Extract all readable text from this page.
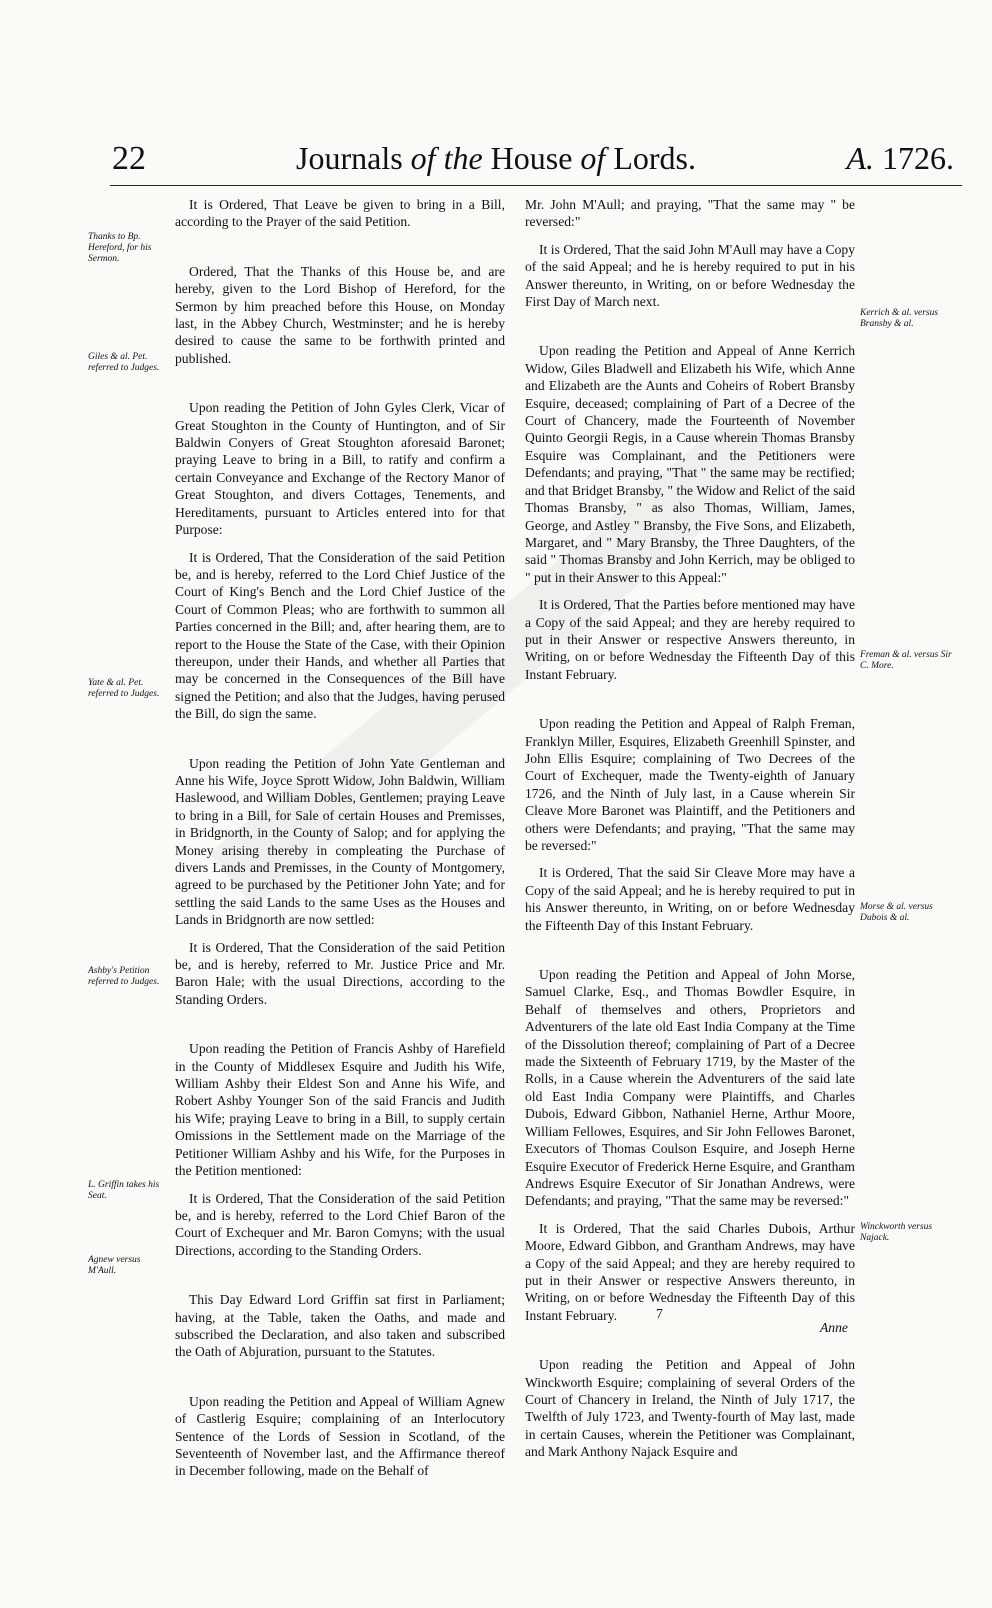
22	Journals of the House of Lords.	A. 1726.
Thanks to Bp. Hereford, for his Sermon.
Giles & al. Pet. referred to Judges.
Yate & al. Pet. referred to Judges.
Ashby's Petition referred to Judges.
L. Griffin takes his Seat.
Agnew versus M'Aull.
Kerrich & al. versus Bransby & al.
Freman & al. versus Sir C. More.
Morse & al. versus Dubois & al.
Winckworth versus Najack.

It is Ordered, That Leave be given to bring in a Bill, according to the Prayer of the said Petition.

Ordered, That the Thanks of this House be, and are hereby, given to the Lord Bishop of Hereford, for the Sermon by him preached before this House, on Monday last, in the Abbey Church, Westminster; and he is hereby desired to cause the same to be forthwith printed and published.

Upon reading the Petition of John Gyles Clerk, Vicar of Great Stoughton in the County of Huntington, and of Sir Baldwin Conyers of Great Stoughton aforesaid Baronet; praying Leave to bring in a Bill, to ratify and confirm a certain Conveyance and Exchange of the Rectory Manor of Great Stoughton, and divers Cottages, Tenements, and Hereditaments, pursuant to Articles entered into for that Purpose:

It is Ordered, That the Consideration of the said Petition be, and is hereby, referred to the Lord Chief Justice of the Court of King's Bench and the Lord Chief Justice of the Court of Common Pleas; who are forthwith to summon all Parties concerned in the Bill; and, after hearing them, are to report to the House the State of the Case, with their Opinion thereupon, under their Hands, and whether all Parties that may be concerned in the Consequences of the Bill have signed the Petition; and also that the Judges, having perused the Bill, do sign the same.

Upon reading the Petition of John Yate Gentleman and Anne his Wife, Joyce Sprott Widow, John Baldwin, William Haslewood, and William Dobles, Gentlemen; praying Leave to bring in a Bill, for Sale of certain Houses and Premisses, in Bridgnorth, in the County of Salop; and for applying the Money arising thereby in compleating the Purchase of divers Lands and Premisses, in the County of Montgomery, agreed to be purchased by the Petitioner John Yate; and for settling the said Lands to the same Uses as the Houses and Lands in Bridgnorth are now settled:

It is Ordered, That the Consideration of the said Petition be, and is hereby, referred to Mr. Justice Price and Mr. Baron Hale; with the usual Directions, according to the Standing Orders.

Upon reading the Petition of Francis Ashby of Harefield in the County of Middlesex Esquire and Judith his Wife, William Ashby their Eldest Son and Anne his Wife, and Robert Ashby Younger Son of the said Francis and Judith his Wife; praying Leave to bring in a Bill, to supply certain Omissions in the Settlement made on the Marriage of the Petitioner William Ashby and his Wife, for the Purposes in the Petition mentioned:

It is Ordered, That the Consideration of the said Petition be, and is hereby, referred to the Lord Chief Baron of the Court of Exchequer and Mr. Baron Comyns; with the usual Directions, according to the Standing Orders.

This Day Edward Lord Griffin sat first in Parliament; having, at the Table, taken the Oaths, and made and subscribed the Declaration, and also taken and subscribed the Oath of Abjuration, pursuant to the Statutes.

Upon reading the Petition and Appeal of William Agnew of Castlerig Esquire; complaining of an Interlocutory Sentence of the Lords of Session in Scotland, of the Seventeenth of November last, and the Affirmance thereof in December following, made on the Behalf of

Mr. John M'Aull; and praying, "That the same may " be reversed:"

It is Ordered, That the said John M'Aull may have a Copy of the said Appeal; and he is hereby required to put in his Answer thereunto, in Writing, on or before Wednesday the First Day of March next.

Upon reading the Petition and Appeal of Anne Kerrich Widow, Giles Bladwell and Elizabeth his Wife, which Anne and Elizabeth are the Aunts and Coheirs of Robert Bransby Esquire, deceased; complaining of Part of a Decree of the Court of Chancery, made the Fourteenth of November Quinto Georgii Regis, in a Cause wherein Thomas Bransby Esquire was Complainant, and the Petitioners were Defendants; and praying, "That " the same may be rectified; and that Bridget Bransby, " the Widow and Relict of the said Thomas Bransby, " as also Thomas, William, James, George, and Astley " Bransby, the Five Sons, and Elizabeth, Margaret, and " Mary Bransby, the Three Daughters, of the said " Thomas Bransby and John Kerrich, may be obliged to " put in their Answer to this Appeal:"

It is Ordered, That the Parties before mentioned may have a Copy of the said Appeal; and they are hereby required to put in their Answer or respective Answers thereunto, in Writing, on or before Wednesday the Fifteenth Day of this Instant February.

Upon reading the Petition and Appeal of Ralph Freman, Franklyn Miller, Esquires, Elizabeth Greenhill Spinster, and John Ellis Esquire; complaining of Two Decrees of the Court of Exchequer, made the Twenty-eighth of January 1726, and the Ninth of July last, in a Cause wherein Sir Cleave More Baronet was Plaintiff, and the Petitioners and others were Defendants; and praying, "That the same may be reversed:"

It is Ordered, That the said Sir Cleave More may have a Copy of the said Appeal; and he is hereby required to put in his Answer thereunto, in Writing, on or before Wednesday the Fifteenth Day of this Instant February.

Upon reading the Petition and Appeal of John Morse, Samuel Clarke, Esq., and Thomas Bowdler Esquire, in Behalf of themselves and others, Proprietors and Adventurers of the late old East India Company at the Time of the Dissolution thereof; complaining of Part of a Decree made the Sixteenth of February 1719, by the Master of the Rolls, in a Cause wherein the Adventurers of the said late old East India Company were Plaintiffs, and Charles Dubois, Edward Gibbon, Nathaniel Herne, Arthur Moore, William Fellowes, Esquires, and Sir John Fellowes Baronet, Executors of Thomas Coulson Esquire, and Joseph Herne Esquire Executor of Frederick Herne Esquire, and Grantham Andrews Esquire Executor of Sir Jonathan Andrews, were Defendants; and praying, "That the same may be reversed:"

It is Ordered, That the said Charles Dubois, Arthur Moore, Edward Gibbon, and Grantham Andrews, may have a Copy of the said Appeal; and they are hereby required to put in their Answer or respective Answers thereunto, in Writing, on or before Wednesday the Fifteenth Day of this Instant February.

Upon reading the Petition and Appeal of John Winckworth Esquire; complaining of several Orders of the Court of Chancery in Ireland, the Ninth of July 1717, the Twelfth of July 1723, and Twenty-fourth of May last, made in certain Causes, wherein the Petitioner was Complainant, and Mark Anthony Najack Esquire and

7
Anne
